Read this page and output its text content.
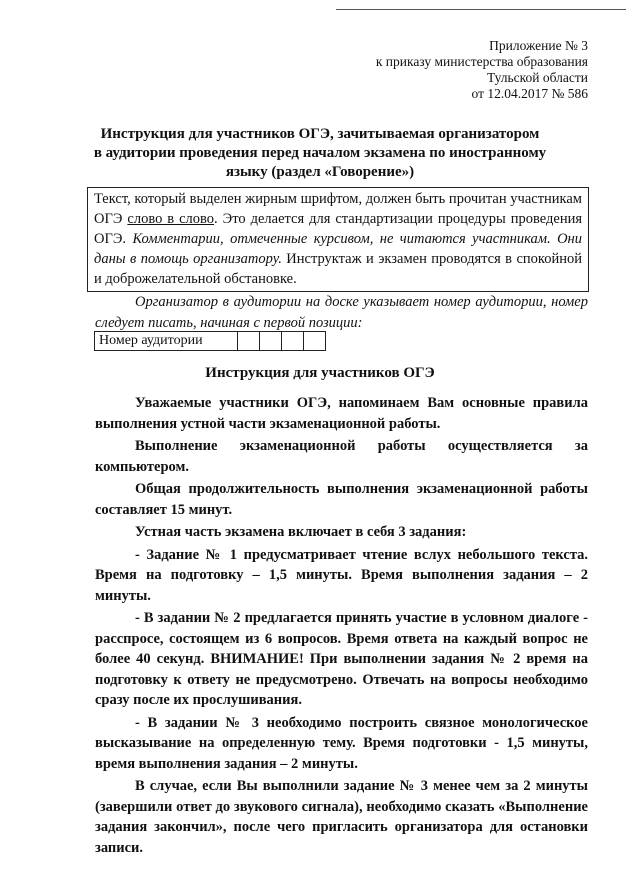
Приложение № 3
к приказу министерства образования
Тульской области
от 12.04.2017 № 586
Инструкция для участников ОГЭ, зачитываемая организатором
в аудитории проведения перед началом экзамена по иностранному
языку (раздел «Говорение»)
Текст, который выделен жирным шрифтом, должен быть прочитан участникам ОГЭ слово в слово. Это делается для стандартизации процедуры проведения ОГЭ. Комментарии, отмеченные курсивом, не читаются участникам. Они даны в помощь организатору. Инструктаж и экзамен проводятся в спокойной и доброжелательной обстановке.
Организатор в аудитории на доске указывает номер аудитории, номер следует писать, начиная с первой позиции:
Номер аудитории
Инструкция для участников ОГЭ

Уважаемые участники ОГЭ, напоминаем Вам основные правила выполнения устной части экзаменационной работы.

Выполнение экзаменационной работы осуществляется за компьютером.

Общая продолжительность выполнения экзаменационной работы составляет 15 минут.

Устная часть экзамена включает в себя 3 задания:

- Задание № 1 предусматривает чтение вслух небольшого текста. Время на подготовку – 1,5 минуты. Время выполнения задания – 2 минуты.

- В задании № 2 предлагается принять участие в условном диалоге - расспросе, состоящем из 6 вопросов. Время ответа на каждый вопрос не более 40 секунд. ВНИМАНИЕ! При выполнении задания № 2 время на подготовку к ответу не предусмотрено. Отвечать на вопросы необходимо сразу после их прослушивания.

- В задании № 3 необходимо построить связное монологическое высказывание на определенную тему. Время подготовки - 1,5 минуты, время выполнения задания – 2 минуты.

В случае, если Вы выполнили задание № 3 менее чем за 2 минуты (завершили ответ до звукового сигнала), необходимо сказать «Выполнение задания закончил», после чего пригласить организатора для остановки записи.
